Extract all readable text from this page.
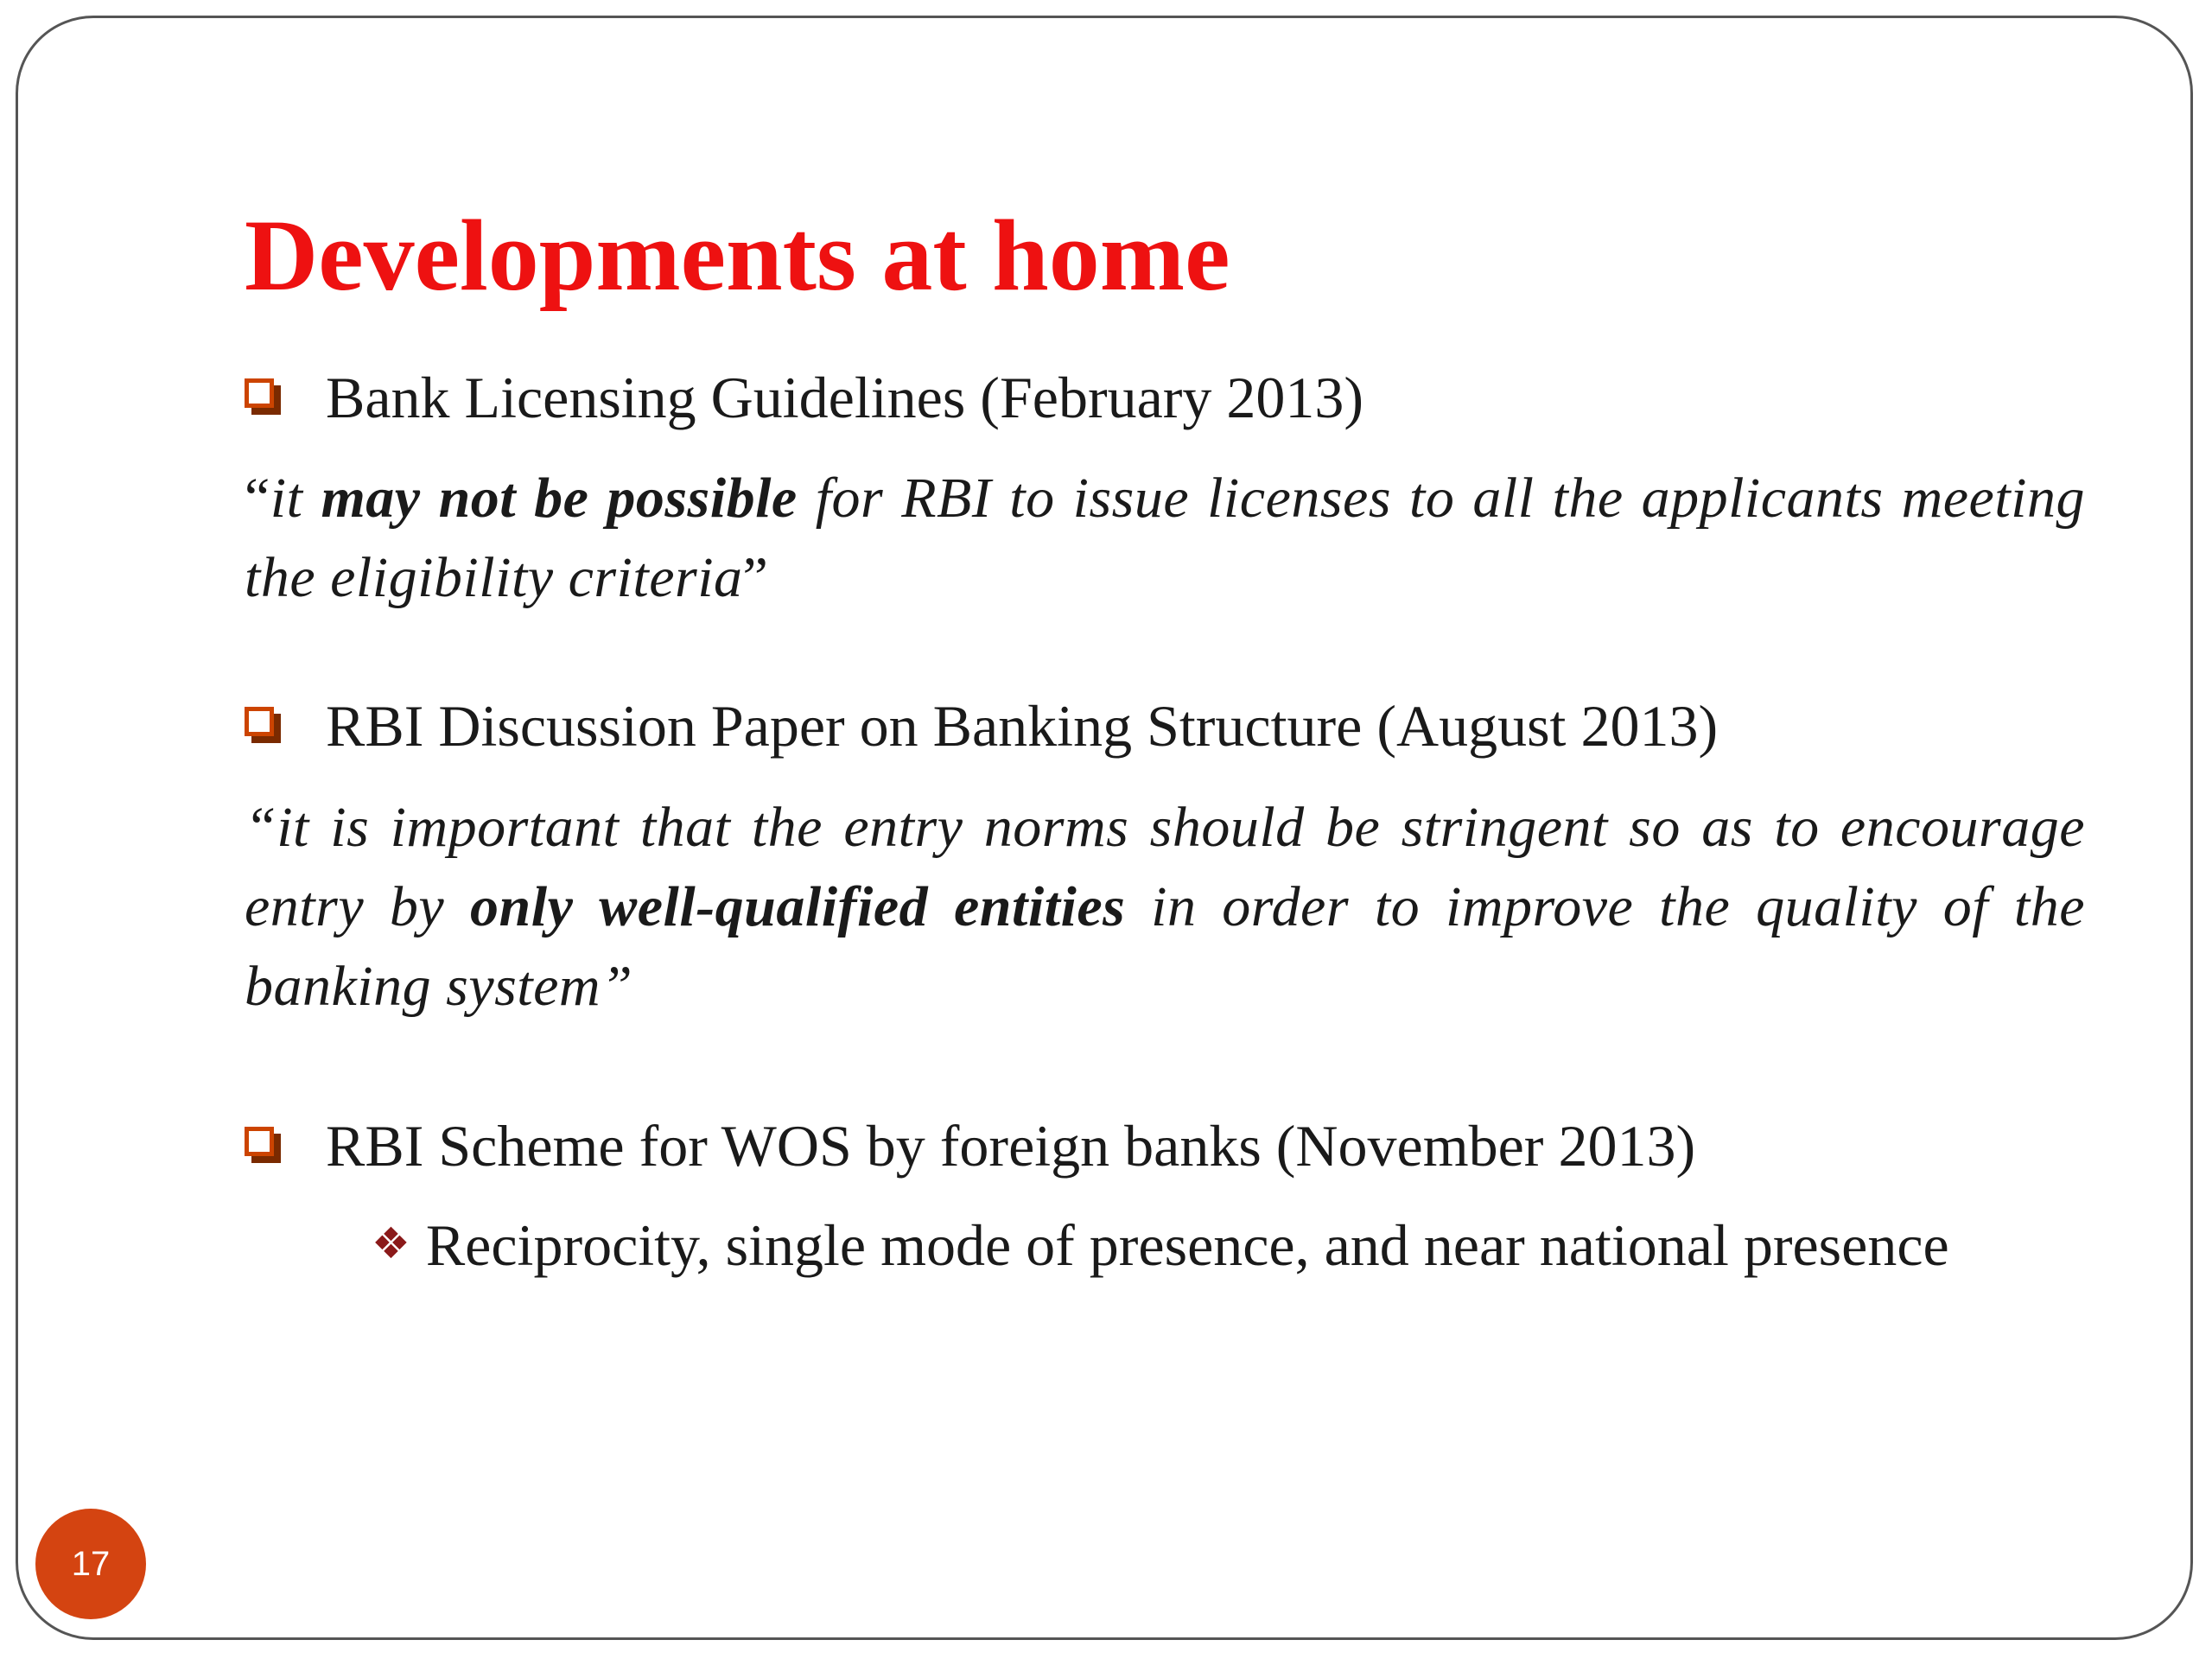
Developments at home
Bank Licensing Guidelines (February 2013)

“it may not be possible for RBI to issue licenses to all the applicants meeting the eligibility criteria”

RBI Discussion Paper on Banking Structure (August 2013)

“it is important that the entry norms should be stringent so as to encourage entry by only well-qualified entities in order to improve the quality of the banking system”

RBI Scheme for WOS by foreign banks (November 2013)
❖ Reciprocity, single mode of presence, and near national presence
17
